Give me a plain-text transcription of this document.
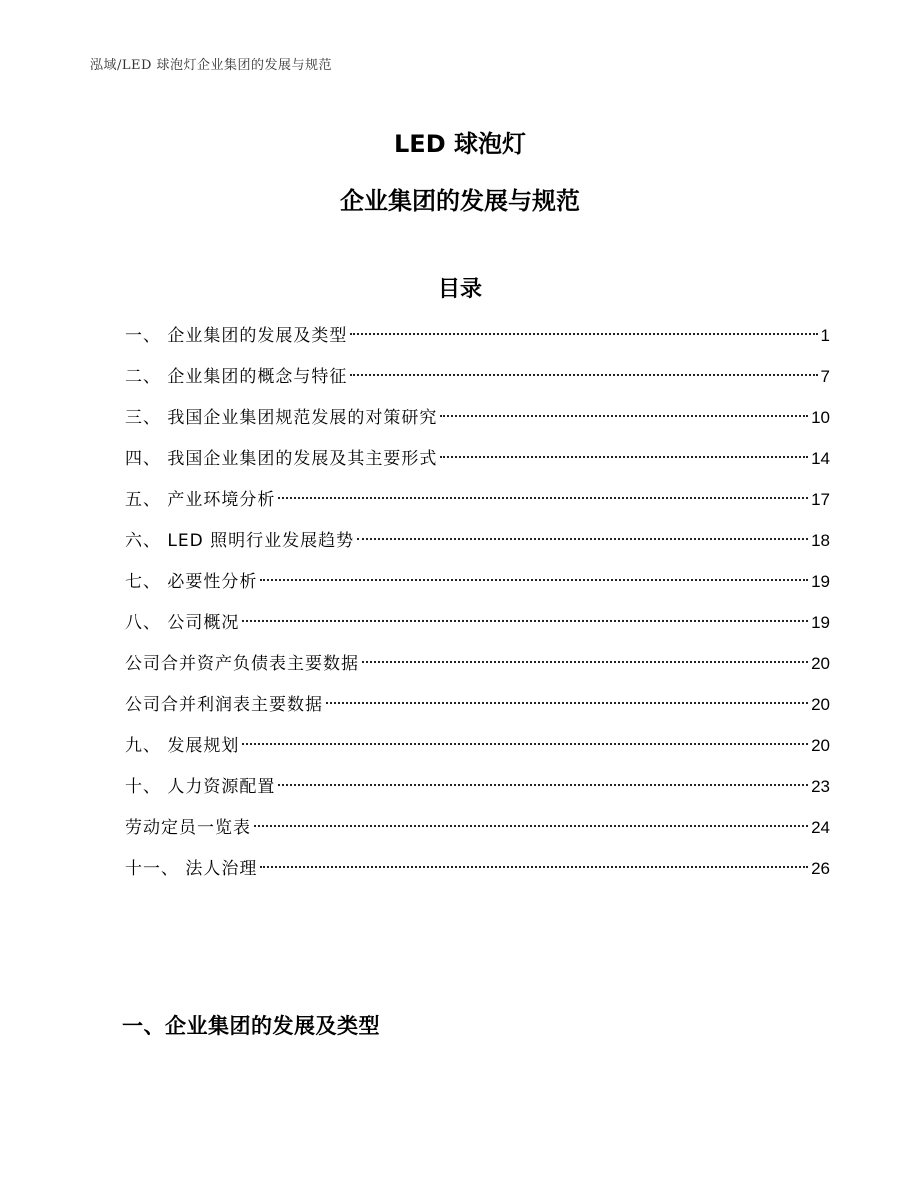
泓域/LED 球泡灯企业集团的发展与规范
LED 球泡灯
企业集团的发展与规范
目录
一、 企业集团的发展及类型	1
二、 企业集团的概念与特征	7
三、 我国企业集团规范发展的对策研究	10
四、 我国企业集团的发展及其主要形式	14
五、 产业环境分析	17
六、 LED 照明行业发展趋势	18
七、 必要性分析	19
八、 公司概况	19
公司合并资产负债表主要数据	20
公司合并利润表主要数据	20
九、 发展规划	20
十、 人力资源配置	23
劳动定员一览表	24
十一、 法人治理	26
一、企业集团的发展及类型
